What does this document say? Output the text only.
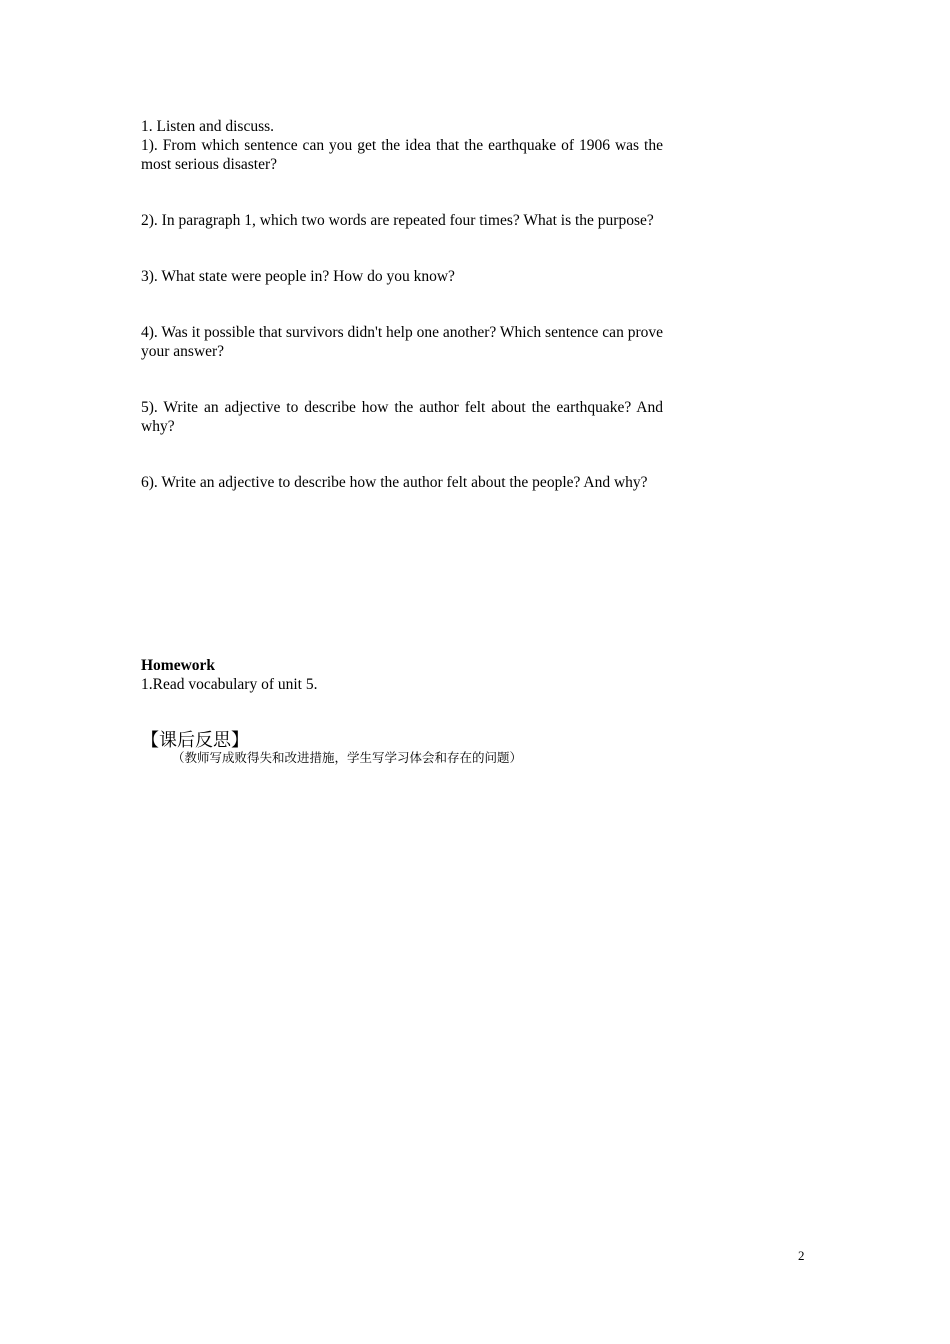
1. Listen and discuss.

1). From which sentence can you get the idea that the earthquake of 1906 was the most serious disaster?

2). In paragraph 1, which two words are repeated four times? What is the purpose?

3). What state were people in? How do you know?

4). Was it possible that survivors didn't help one another? Which sentence can prove your answer?

5). Write an adjective to describe how the author felt about the earthquake? And why?

6). Write an adjective to describe how the author felt about the people? And why?

Homework
1.Read vocabulary of unit 5.
【课后反思】
（教师写成败得失和改进措施，学生写学习体会和存在的问题）
2
